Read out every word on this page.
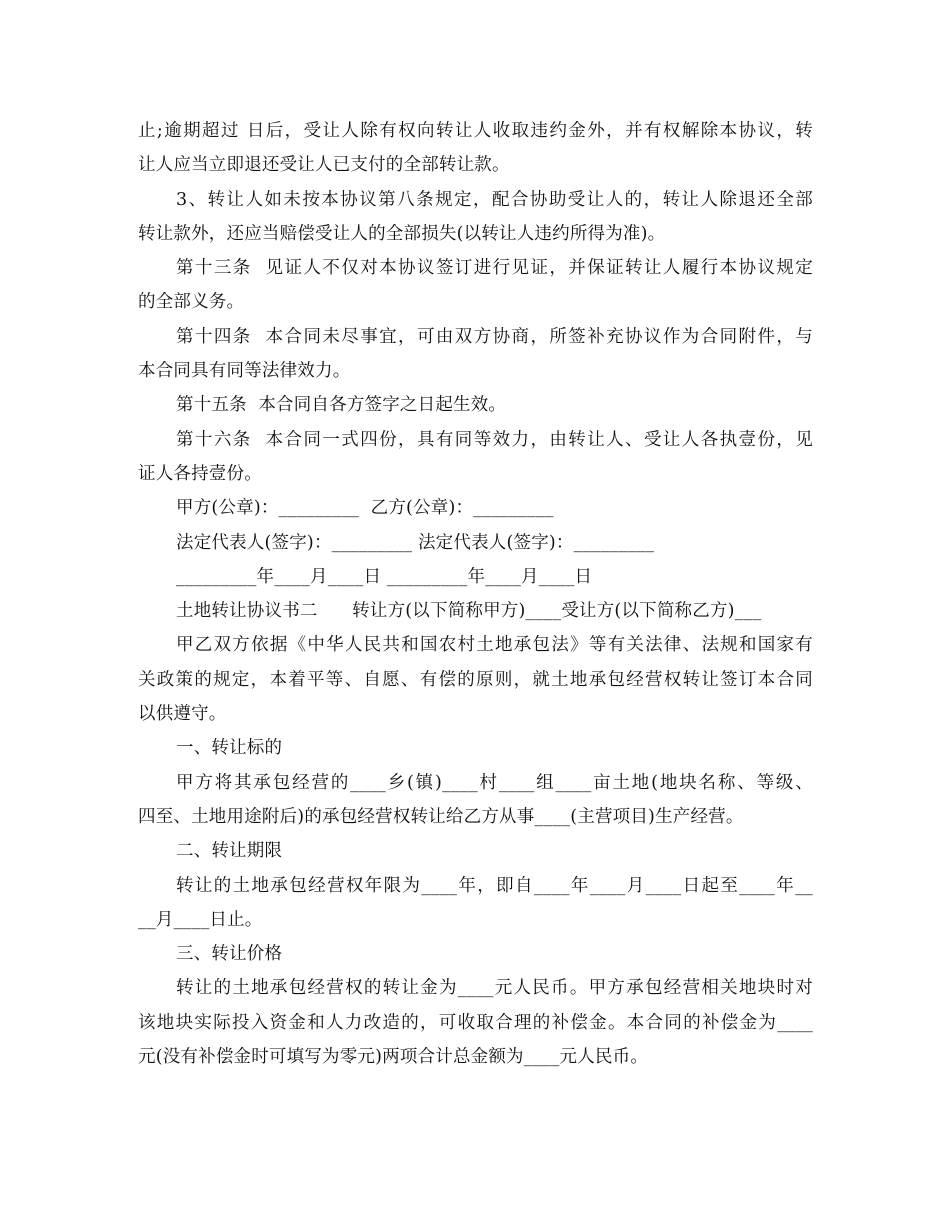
止;逾期超过 日后，受让人除有权向转让人收取违约金外，并有权解除本协议，转
让人应当立即退还受让人已支付的全部转让款。
3、转让人如未按本协议第八条规定，配合协助受让人的，转让人除退还全部
转让款外，还应当赔偿受让人的全部损失(以转让人违约所得为准)。
第十三条  见证人不仅对本协议签订进行见证，并保证转让人履行本协议规定
的全部义务。
第十四条  本合同未尽事宜，可由双方协商，所签补充协议作为合同附件，与
本合同具有同等法律效力。
第十五条  本合同自各方签字之日起生效。
第十六条  本合同一式四份，具有同等效力，由转让人、受让人各执壹份，见
证人各持壹份。
甲方(公章)：_________  乙方(公章)：_________
法定代表人(签字)：_________ 法定代表人(签字)：_________
_________年____月____日 _________年____月____日
土地转让协议书二      转让方(以下简称甲方)____受让方(以下简称乙方)___
甲乙双方依据《中华人民共和国农村土地承包法》等有关法律、法规和国家有
关政策的规定，本着平等、自愿、有偿的原则，就土地承包经营权转让签订本合同
以供遵守。
一、转让标的
甲方将其承包经营的____乡(镇)____村____组____亩土地(地块名称、等级、
四至、土地用途附后)的承包经营权转让给乙方从事____(主营项目)生产经营。
二、转让期限
转让的土地承包经营权年限为____年，即自____年____月____日起至____年__
__月____日止。
三、转让价格
转让的土地承包经营权的转让金为____元人民币。甲方承包经营相关地块时对
该地块实际投入资金和人力改造的，可收取合理的补偿金。本合同的补偿金为____
元(没有补偿金时可填写为零元)两项合计总金额为____元人民币。
